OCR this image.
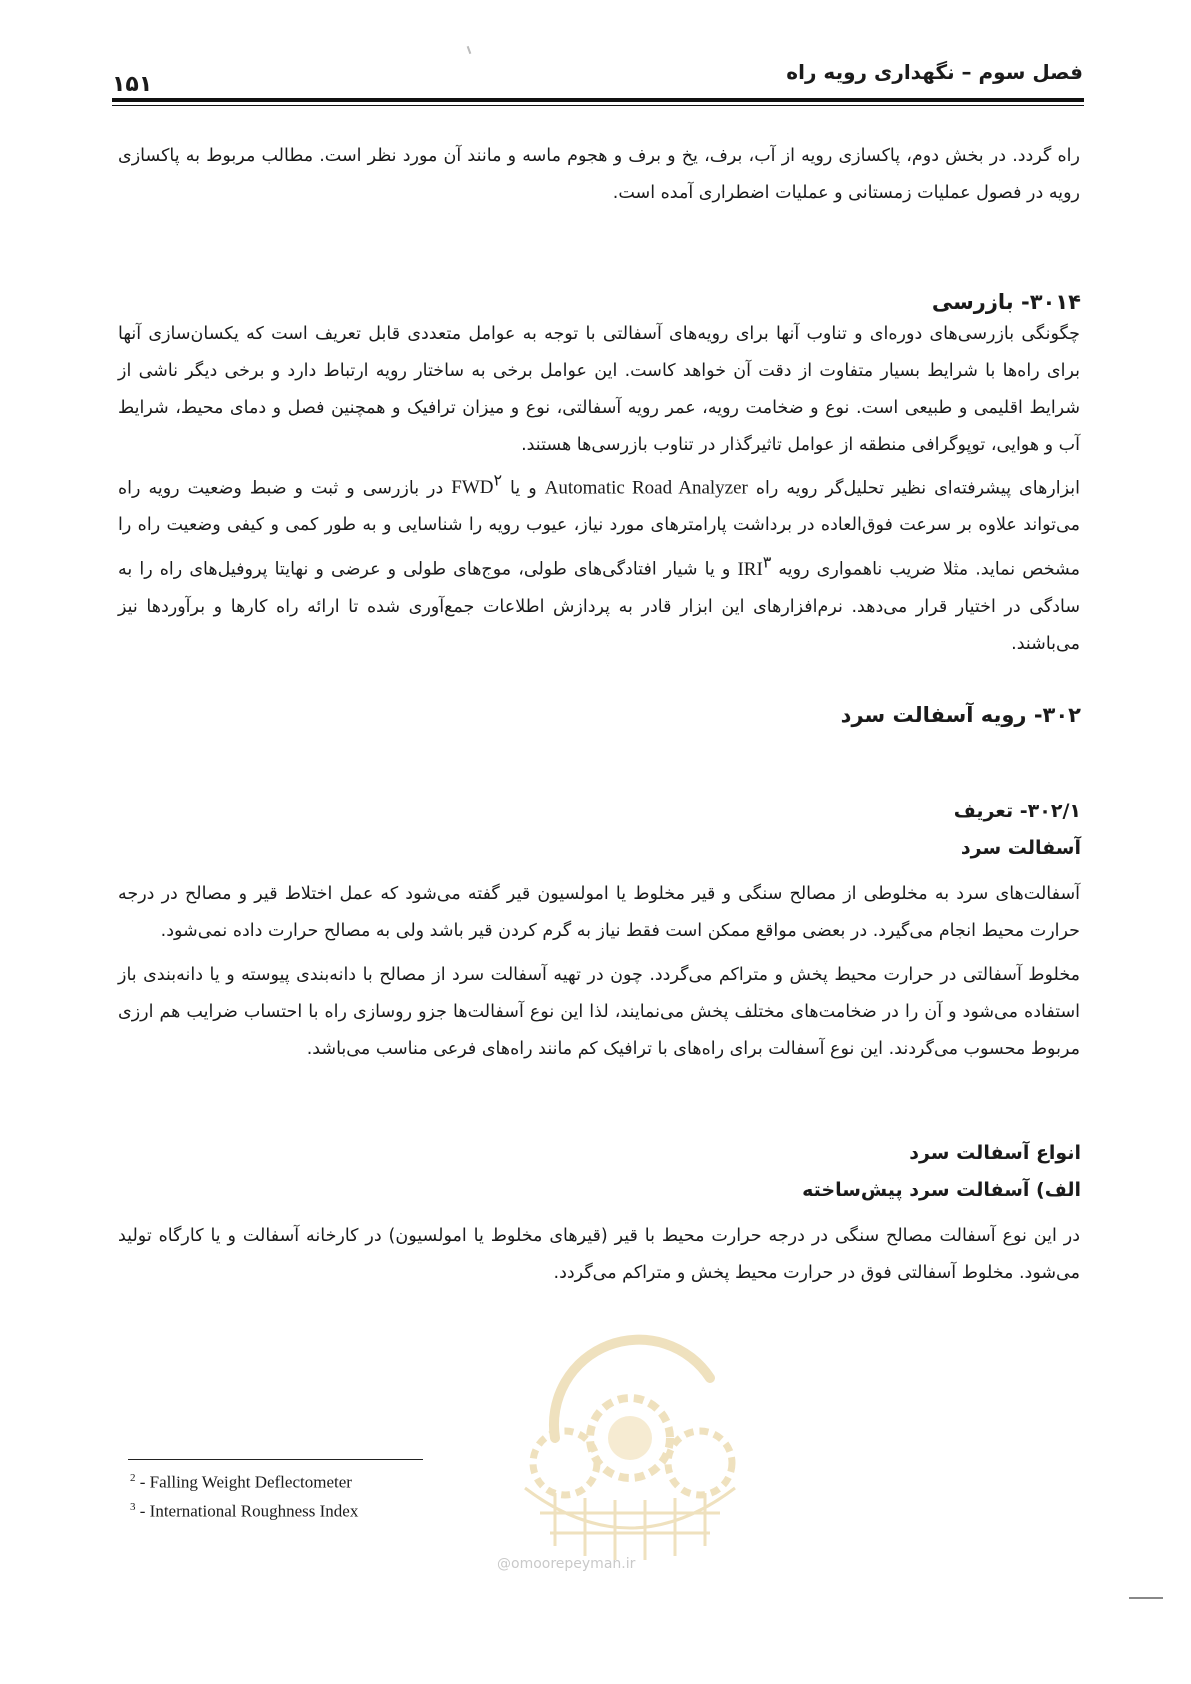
۱۵۱	فصل سوم – نگهداری رویه راه
راه گردد. در بخش دوم، پاکسازی رویه از آب، برف، یخ و برف و هجوم ماسه و مانند آن مورد نظر است. مطالب مربوط به پاکسازی رویه در فصول عملیات زمستانی و عملیات اضطراری آمده است.
۳۰۱۴- بازرسی
چگونگی بازرسی‌های دوره‌ای و تناوب آنها برای رویه‌های آسفالتی با توجه به عوامل متعددی قابل تعریف است که یکسان‌سازی آنها برای راه‌ها با شرایط بسیار متفاوت از دقت آن خواهد کاست. این عوامل برخی به ساختار رویه ارتباط دارد و برخی دیگر ناشی از شرایط اقلیمی و طبیعی است. نوع و ضخامت رویه، عمر رویه آسفالتی، نوع و میزان ترافیک و همچنین فصل و دمای محیط، شرایط آب و هوایی، توپوگرافی منطقه از عوامل تاثیرگذار در تناوب بازرسی‌ها هستند.
ابزارهای پیشرفته‌ای نظیر تحلیل‌گر رویه راه Automatic Road Analyzer و یا FWD$^۲$ در بازرسی و ثبت و ضبط وضعیت رویه راه می‌تواند علاوه بر سرعت فوق‌العاده در برداشت پارامترهای مورد نیاز، عیوب رویه را شناسایی و به طور کمی و کیفی وضعیت راه را مشخص نماید. مثلا ضریب ناهمواری رویه IRI$^۳$ و یا شیار افتادگی‌های طولی، موج‌های طولی و عرضی و نهایتا پروفیل‌های راه را به سادگی در اختیار قرار می‌دهد. نرم‌افزارهای این ابزار قادر به پردازش اطلاعات جمع‌آوری شده تا ارائه راه کارها و برآوردها نیز می‌باشند.
۳۰۲- رویه آسفالت سرد
۳۰۲/۱- تعریف
آسفالت سرد
آسفالت‌های سرد به مخلوطی از مصالح سنگی و قیر مخلوط یا امولسیون قیر گفته می‌شود که عمل اختلاط قیر و مصالح در درجه حرارت محیط انجام می‌گیرد. در بعضی مواقع ممکن است فقط نیاز به گرم کردن قیر باشد ولی به مصالح حرارت داده نمی‌شود.
مخلوط آسفالتی در حرارت محیط پخش و متراکم می‌گردد. چون در تهیه آسفالت سرد از مصالح با دانه‌بندی پیوسته و یا دانه‌بندی باز استفاده می‌شود و آن را در ضخامت‌های مختلف پخش می‌نمایند، لذا این نوع آسفالت‌ها جزو روسازی راه با احتساب ضرایب هم ارزی مربوط محسوب می‌گردند. این نوع آسفالت برای راه‌های با ترافیک کم مانند راه‌های فرعی مناسب می‌باشد.
انواع آسفالت سرد
الف) آسفالت سرد پیش‌ساخته
در این نوع آسفالت مصالح سنگی در درجه حرارت محیط با قیر (قیرهای مخلوط یا امولسیون) در کارخانه آسفالت و یا کارگاه تولید می‌شود. مخلوط آسفالتی فوق در حرارت محیط پخش و متراکم می‌گردد.
@omoorepeyman.ir
$^2$ - Falling Weight Deflectometer
$^3$ - International Roughness Index
